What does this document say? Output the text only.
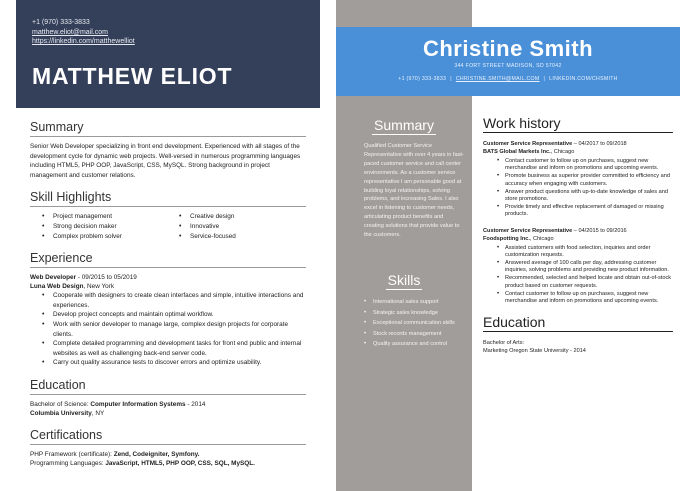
+1 (970) 333-3833
matthew.eliot@mail.com
https://linkedin.com/matthewelliot
MATTHEW ELIOT
Summary
Senior Web Developer specializing in front end development. Experienced with all stages of the development cycle for dynamic web projects. Well-versed in numerous programming languages including HTML5, PHP OOP, JavaScript, CSS, MySQL. Strong background in project management and customer relations.
Skill Highlights
• Project management	• Creative design
• Strong decision maker	• Innovative
• Complex problem solver	• Service-focused
Experience
Web Developer - 09/2015 to 05/2019
Luna Web Design, New York
• Cooperate with designers to create clean interfaces and simple, intuitive interactions and experiences.
• Develop project concepts and maintain optimal workflow.
• Work with senior developer to manage large, complex design projects for corporate clients.
• Complete detailed programming and development tasks for front end public and internal websites as well as challenging back-end server code.
• Carry out quality assurance tests to discover errors and optimize usability.
Education
Bachelor of Science: Computer Information Systems - 2014
Columbia University, NY
Certifications
PHP Framework (certificate): Zend, Codeigniter, Symfony.
Programming Languages: JavaScript, HTML5, PHP OOP, CSS, SQL, MySQL.
Christine Smith
344 FORT STREET MADISON, SD 57042
+1 (970) 333-3833 | CHRISTINE.SMITH@MAIL.COM | LINKEDIN.COM/CHSMITH
Summary
Qualified Customer Service Representative with over 4 years in fast-paced customer service and call center environments. As a customer service representative I am personable good at building loyal relationships, solving problems, and increasing Sales. I also excel in listening to customer needs, articulating product benefits and creating solutions that provide value to the customers.
Skills
• International sales support
• Strategic sales knowledge
• Exceptional communication skills
• Stock records management
• Quality assurance and control
Work history
Customer Service Representative – 04/2017 to 09/2018
BATS Global Markets Inc., Chicago
• Contact customer to follow up on purchases, suggest new merchandise and inform on promotions and upcoming events.
• Promote business as superior provider committed to efficiency and accuracy when engaging with customers.
• Answer product questions with up-to-date knowledge of sales and store promotions.
• Provide timely and effective replacement of damaged or missing products.
Customer Service Representative – 04/2015 to 09/2016
Foodspotting Inc., Chicago
• Assisted customers with food selection, inquiries and order customization requests.
• Answered average of 100 calls per day, addressing customer inquiries, solving problems and providing new product information.
• Recommended, selected and helped locate and obtain out-of-stock product based on customer requests.
• Contact customer to follow up on purchases, suggest new merchandise and inform on promotions and upcoming events.
Education
Bachelor of Arts:
Marketing Oregon State University - 2014
